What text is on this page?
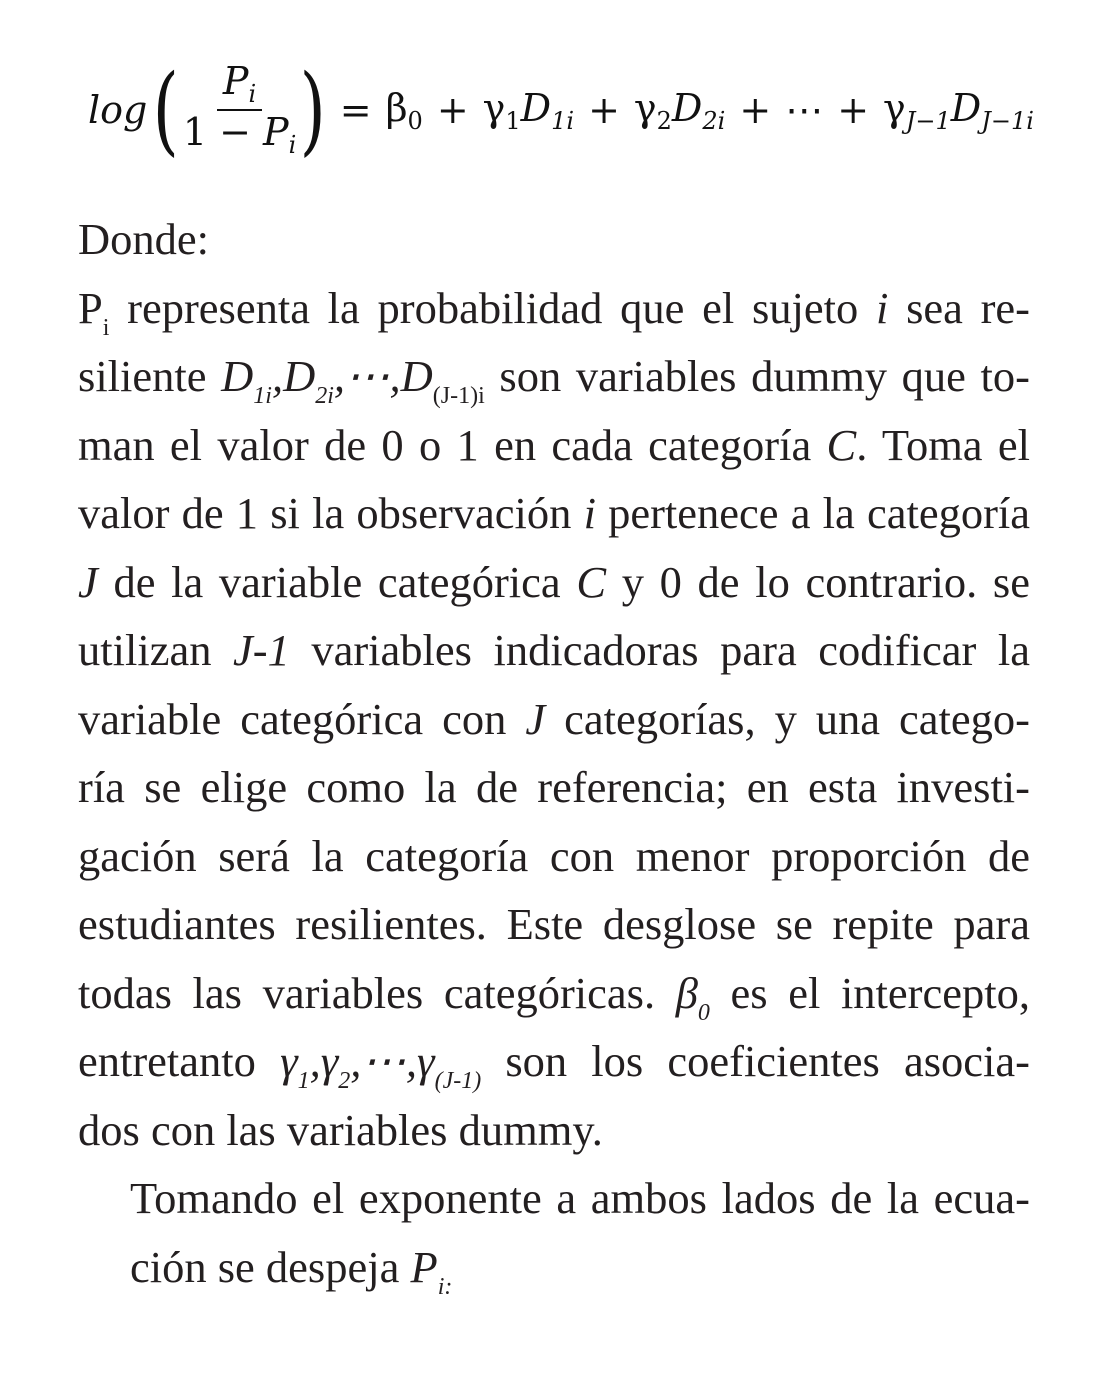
log ( $\frac{P_i}{1 - P_i}$ ) = $\beta_0 + \gamma_1D_{1i} + \gamma_2D_{2i}$ + ⋯ + $\gamma_{J-1}D_{J-1i}$
Donde:
$P_i$ representa la probabilidad que el sujeto i sea re-
siliente $D_{1i},D_{2i},\cdots,D_{(J-1)i}$ son variables dummy que to-
man el valor de 0 o 1 en cada categoría C. Toma el
valor de 1 si la observación i pertenece a la categoría
J de la variable categórica C y 0 de lo contrario. se
utilizan J-1 variables indicadoras para codificar la
variable categórica con J categorías, y una catego-
ría se elige como la de referencia; en esta investi-
gación será la categoría con menor proporción de
estudiantes resilientes. Este desglose se repite para
todas las variables categóricas. $\beta_0$ es el intercepto,
entretanto $\gamma_1,\gamma_2,\cdots,\gamma_{(J-1)}$ son los coeficientes asocia-
dos con las variables dummy.
Tomando el exponente a ambos lados de la ecua-
ción se despeja $P_{i:}$
